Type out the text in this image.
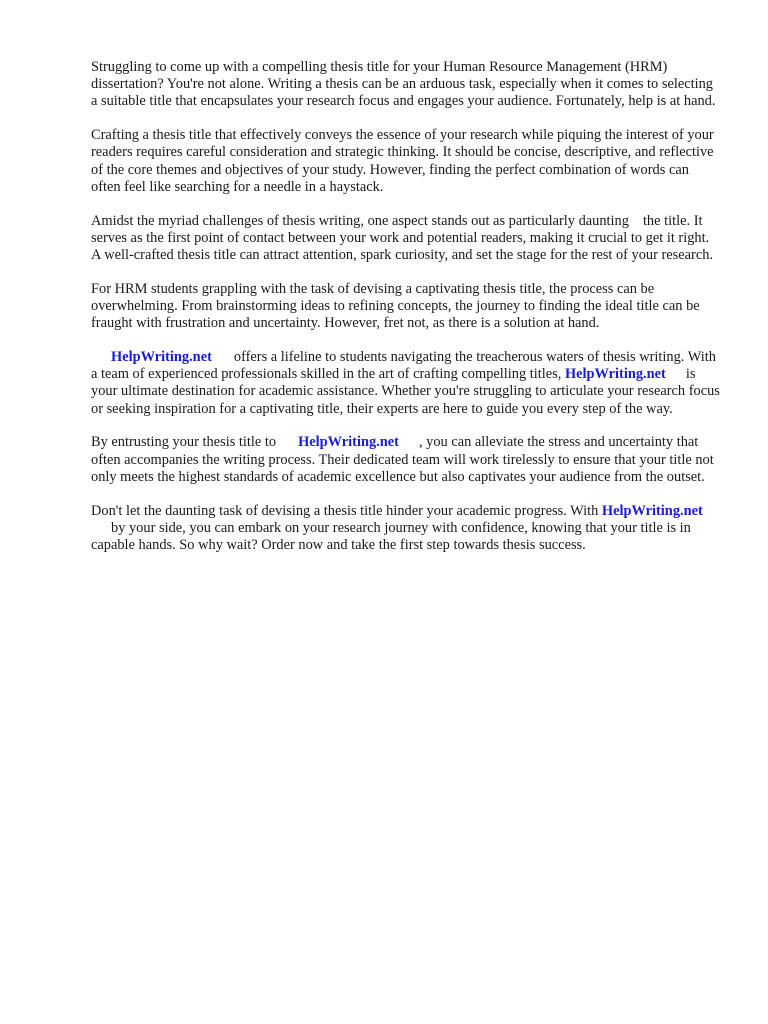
Struggling to come up with a compelling thesis title for your Human Resource Management (HRM) dissertation? You're not alone. Writing a thesis can be an arduous task, especially when it comes to selecting a suitable title that encapsulates your research focus and engages your audience. Fortunately, help is at hand.

Crafting a thesis title that effectively conveys the essence of your research while piquing the interest of your readers requires careful consideration and strategic thinking. It should be concise, descriptive, and reflective of the core themes and objectives of your study. However, finding the perfect combination of words can often feel like searching for a needle in a haystack.

Amidst the myriad challenges of thesis writing, one aspect stands out as particularly daunting the title. It serves as the first point of contact between your work and potential readers, making it crucial to get it right. A well-crafted thesis title can attract attention, spark curiosity, and set the stage for the rest of your research.

For HRM students grappling with the task of devising a captivating thesis title, the process can be overwhelming. From brainstorming ideas to refining concepts, the journey to finding the ideal title can be fraught with frustration and uncertainty. However, fret not, as there is a solution at hand.

HelpWriting.net offers a lifeline to students navigating the treacherous waters of thesis writing. With a team of experienced professionals skilled in the art of crafting compelling titles, HelpWriting.net is your ultimate destination for academic assistance. Whether you're struggling to articulate your research focus or seeking inspiration for a captivating title, their experts are here to guide you every step of the way.

By entrusting your thesis title to HelpWriting.net , you can alleviate the stress and uncertainty that often accompanies the writing process. Their dedicated team will work tirelessly to ensure that your title not only meets the highest standards of academic excellence but also captivates your audience from the outset.

Don't let the daunting task of devising a thesis title hinder your academic progress. With HelpWriting.netby your side, you can embark on your research journey with confidence, knowing that your title is in capable hands. So why wait? Order now and take the first step towards thesis success.
